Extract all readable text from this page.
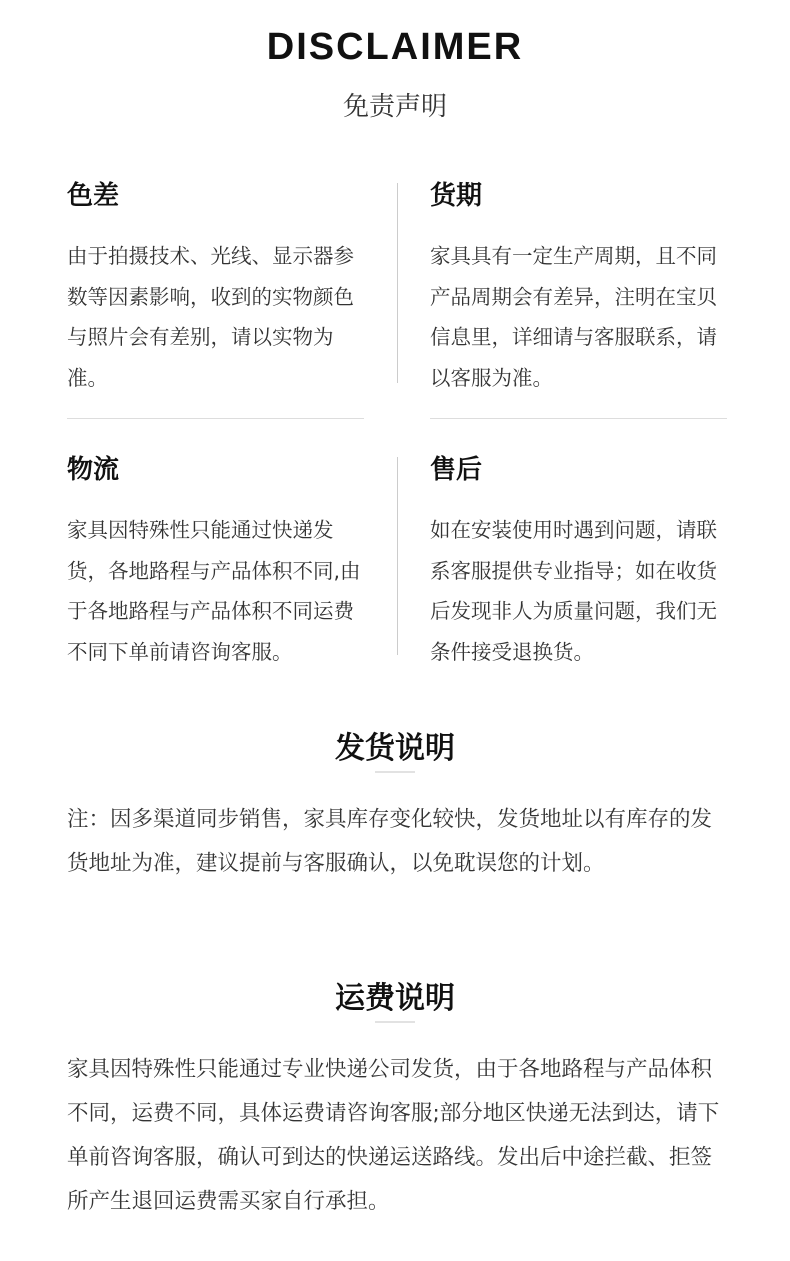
DISCLAIMER
免责声明
色差

由于拍摄技术、光线、显示器参数等因素影响，收到的实物颜色与照片会有差别，请以实物为准。

货期

家具具有一定生产周期，且不同产品周期会有差异，注明在宝贝信息里，详细请与客服联系，请以客服为准。

物流

家具因特殊性只能通过快递发货，各地路程与产品体积不同,由于各地路程与产品体积不同运费不同下单前请咨询客服。

售后

如在安装使用时遇到问题，请联系客服提供专业指导；如在收货后发现非人为质量问题，我们无条件接受退换货。

发货说明

注：因多渠道同步销售，家具库存变化较快，发货地址以有库存的发货地址为准，建议提前与客服确认，以免耽误您的计划。

运费说明

家具因特殊性只能通过专业快递公司发货，由于各地路程与产品体积不同，运费不同，具体运费请咨询客服;部分地区快递无法到达，请下单前咨询客服，确认可到达的快递运送路线。发出后中途拦截、拒签所产生退回运费需买家自行承担。
